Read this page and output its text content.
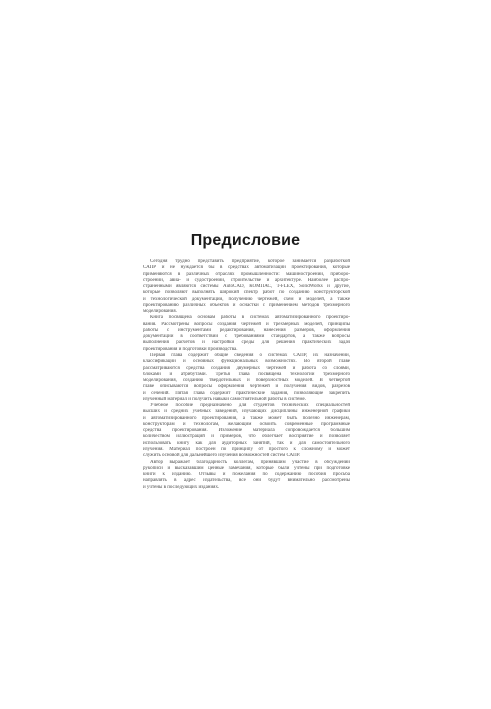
Предисловие
Сегодня трудно представить предприятие, которое занимается разработкой
САПР и не нуждается бы в средствах автоматизации проектирования, которые
применяются в различных отраслях промышленности: машиностроении, приборо-
строении, авиа- и судостроении, строительстве и архитектуре. Наиболее распро-
страненными являются системы AutoCAD, КОМПАС, T-FLEX, SolidWorks и другие,
которые позволяют выполнять широкий спектр работ по созданию конструкторской
и технологической документации, получению чертежей, схем и моделей, а также
проектированию различных объектов и оснастки с применением методов трехмерного
моделирования.
Книга посвящена основам работы в системах автоматизированного проектиро-
вания. Рассмотрены вопросы создания чертежей и трехмерных моделей, принципы
работы с инструментами редактирования, нанесения размеров, оформления
документации в соответствии с требованиями стандартов, а также вопросы
выполнения расчетов и настройки среды для решения практических задач
проектирования и подготовки производства.
Первая глава содержит общие сведения о системах САПР, их назначении,
классификации и основных функциональных возможностях. Во второй главе
рассматриваются средства создания двумерных чертежей и работа со слоями,
блоками и атрибутами. Третья глава посвящена технологии трехмерного
моделирования, созданию твердотельных и поверхностных моделей. В четвертой
главе описываются вопросы оформления чертежей и получения видов, разрезов
и сечений. Пятая глава содержит практические задания, позволяющие закрепить
изученный материал и получить навыки самостоятельной работы в системе.
Учебное пособие предназначено для студентов технических специальностей
высших и средних учебных заведений, изучающих дисциплины инженерной графики
и автоматизированного проектирования, а также может быть полезно инженерам,
конструкторам и технологам, желающим освоить современные программные
средства проектирования. Изложение материала сопровождается большим
количеством иллюстраций и примеров, что облегчает восприятие и позволяет
использовать книгу как для аудиторных занятий, так и для самостоятельного
изучения. Материал построен по принципу от простого к сложному и может
служить основой для дальнейшего изучения возможностей систем САПР.
Автор выражает благодарность коллегам, принявшим участие в обсуждении
рукописи и высказавшим ценные замечания, которые были учтены при подготовке
книги к изданию. Отзывы и пожелания по содержанию пособия просьба
направлять в адрес издательства, все они будут внимательно рассмотрены
и учтены в последующих изданиях.
